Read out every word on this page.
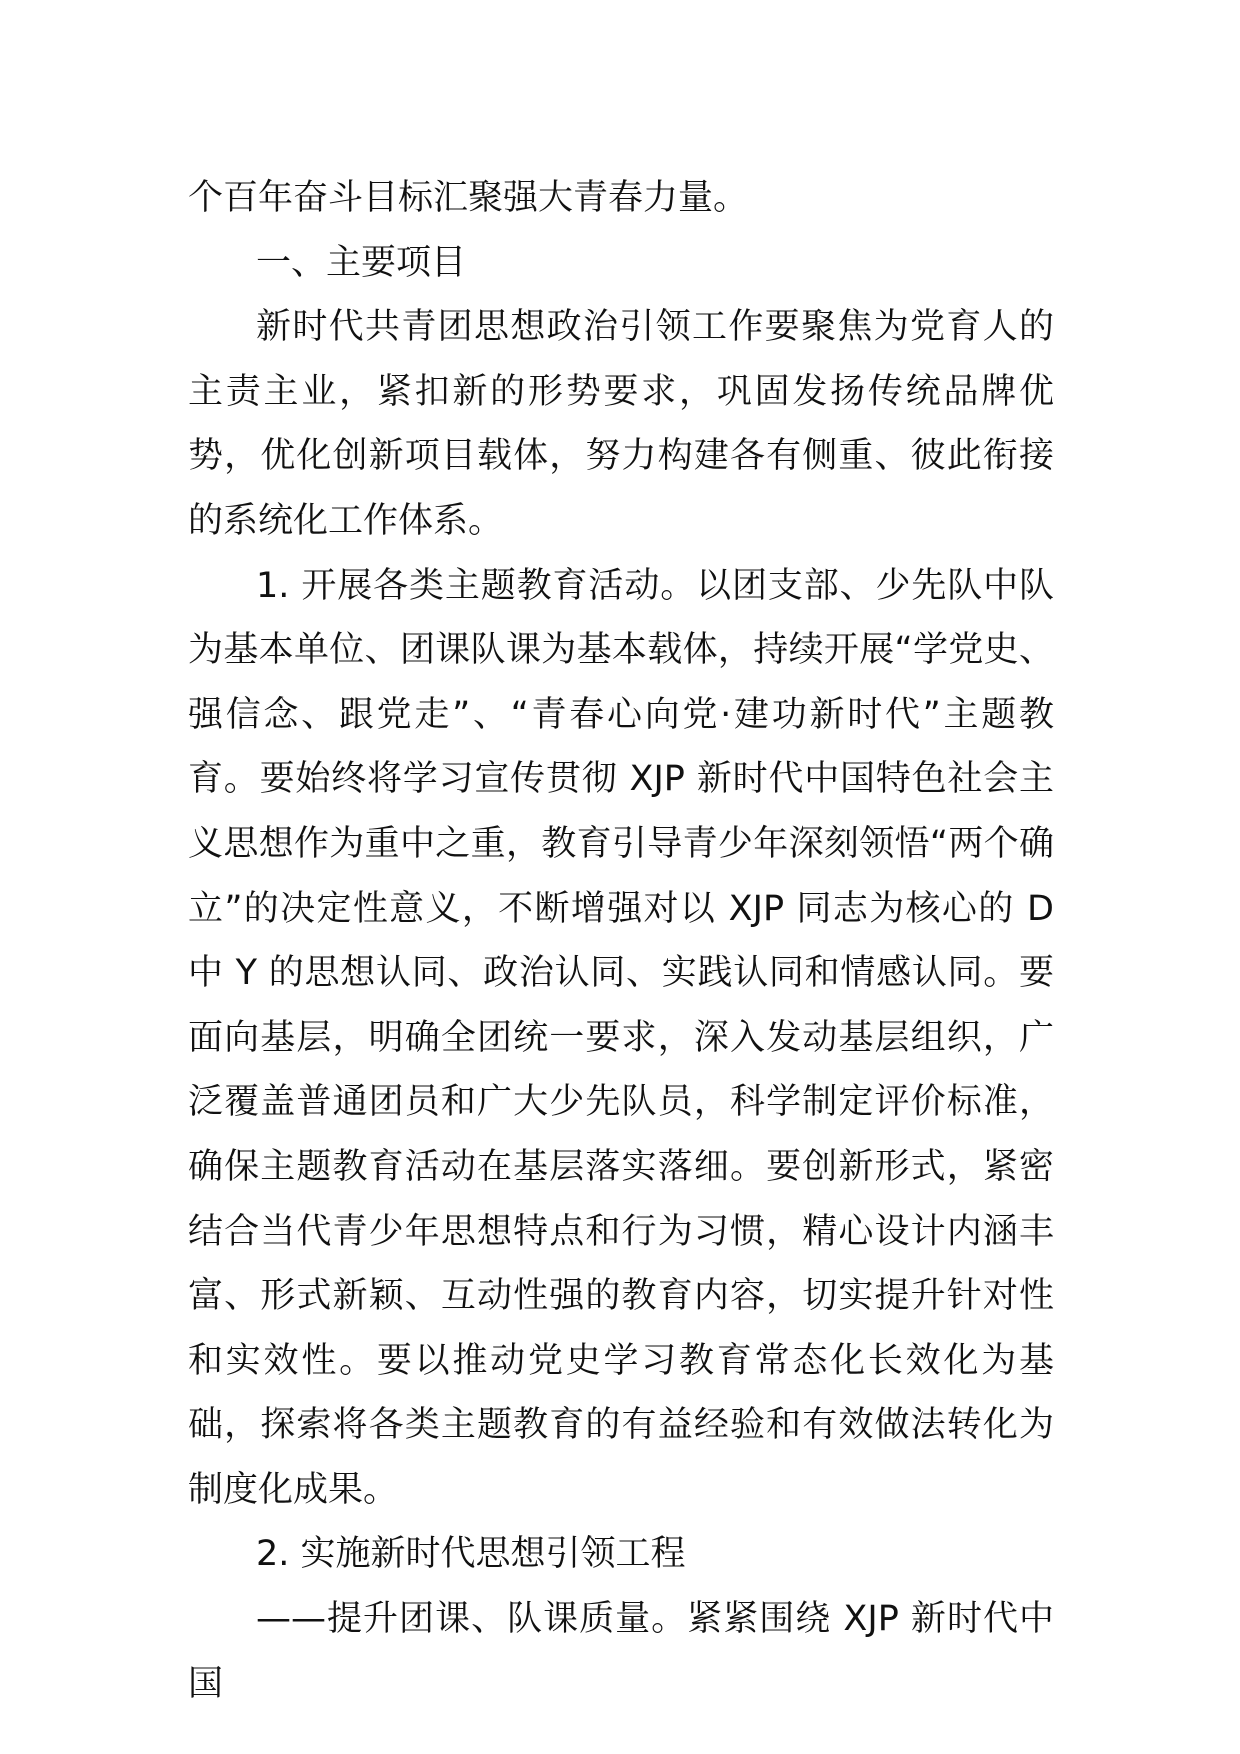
个百年奋斗目标汇聚强大青春力量。

一、主要项目

新时代共青团思想政治引领工作要聚焦为党育人的主责主业，紧扣新的形势要求，巩固发扬传统品牌优势，优化创新项目载体，努力构建各有侧重、彼此衔接的系统化工作体系。

1. 开展各类主题教育活动。以团支部、少先队中队为基本单位、团课队课为基本载体，持续开展“学党史、强信念、跟党走”、“青春心向党·建功新时代”主题教育。要始终将学习宣传贯彻 XJP 新时代中国特色社会主义思想作为重中之重，教育引导青少年深刻领悟“两个确立”的决定性意义，不断增强对以 XJP 同志为核心的 D 中 Y 的思想认同、政治认同、实践认同和情感认同。要面向基层，明确全团统一要求，深入发动基层组织，广泛覆盖普通团员和广大少先队员，科学制定评价标准，确保主题教育活动在基层落实落细。要创新形式，紧密结合当代青少年思想特点和行为习惯，精心设计内涵丰富、形式新颖、互动性强的教育内容，切实提升针对性和实效性。要以推动党史学习教育常态化长效化为基础，探索将各类主题教育的有益经验和有效做法转化为制度化成果。

2. 实施新时代思想引领工程

——提升团课、队课质量。紧紧围绕 XJP 新时代中国
